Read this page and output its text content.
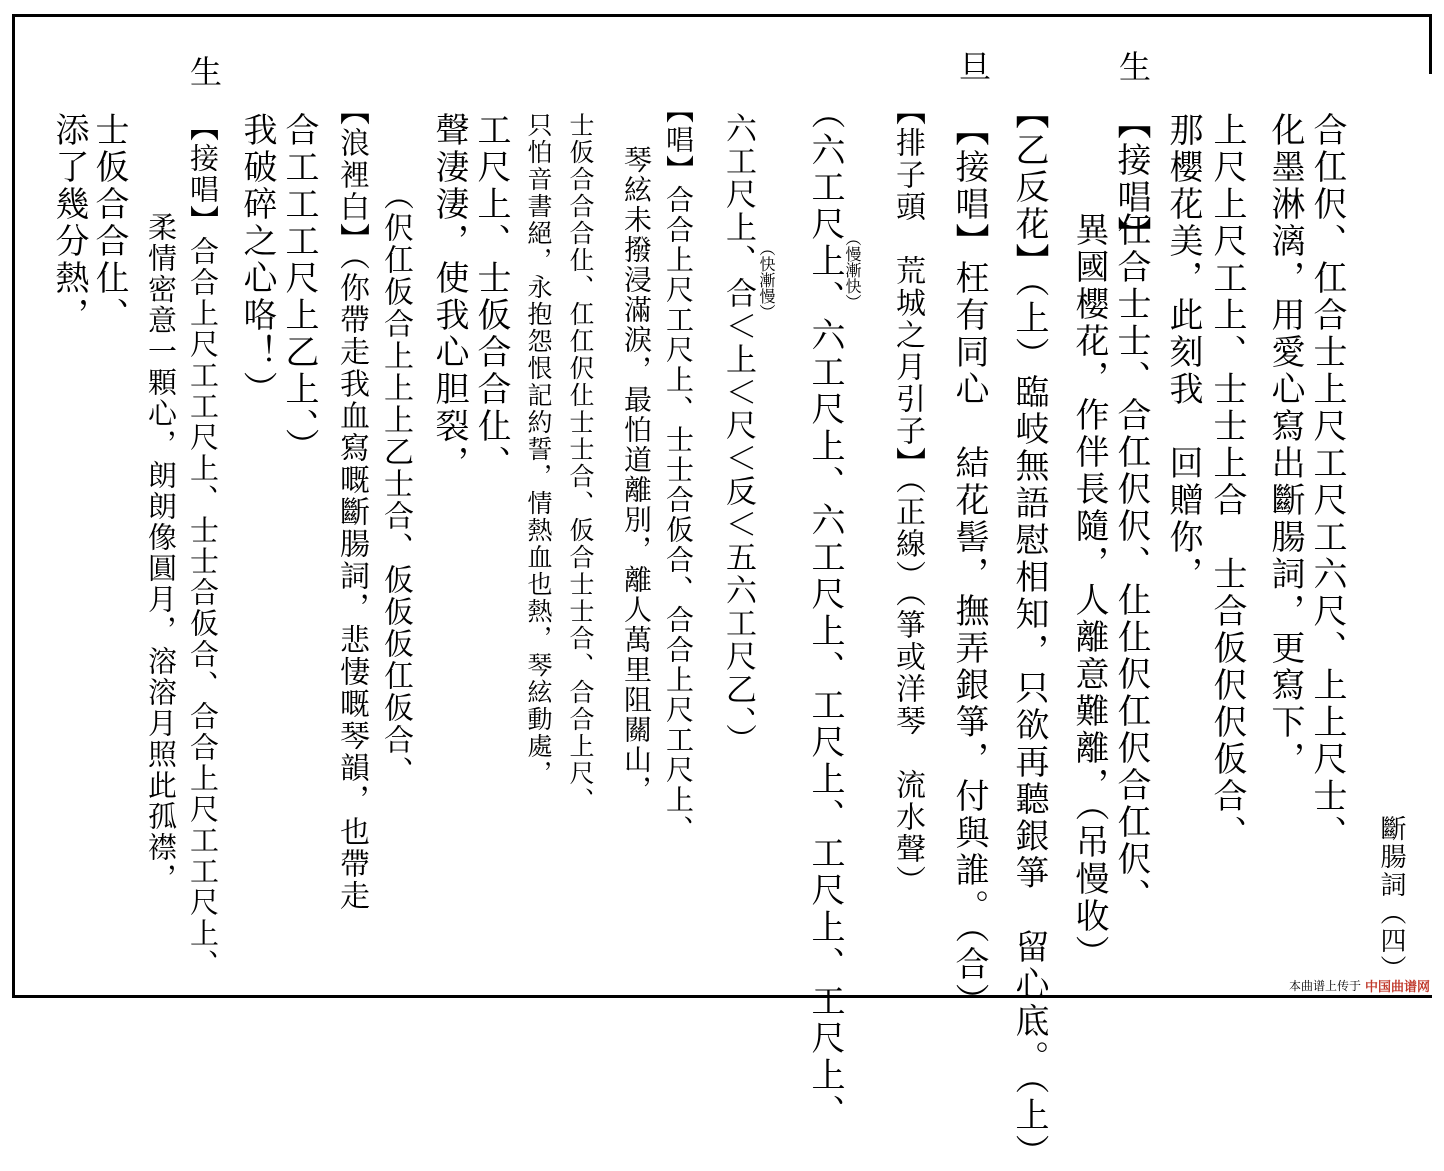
生
旦
生
【接唱】	合仜伬、仜合士上尺工尺工六尺、上上尺士、
化墨淋漓，用愛心寫出斷腸詞，更寫下，
上尺上尺工上、士士上合　士合仮伬伬仮合、
那櫻花美，此刻我　回贈你，
仜合士士、合仜伬伬、仩仩伬仜伬合仜伬、
異國櫻花，作伴長隨，人離意難離，（吊慢收）
【乙反花】（上）臨岐無語慰相知，只欲再聽銀箏　留心底。（上）
【接唱】枉有同心　結花髻，撫弄銀箏，付與誰。（合）
【排子頭　荒城之月引子】（正線）（箏或洋琴　流水聲）
（六工尺上、六工尺上、六工尺上、工尺上、工尺上、工尺上、
六工尺上、合＜上＜尺＜反＜五六工尺乙、）
【唱】合合上尺工尺上、士士合仮合、合合上尺工尺上、
琴絃未撥浸滿淚，最怕道離別，離人萬里阻關山，
士仮合合合仩、仜仜伬仩士士合、仮合士士合、合合上尺、
只怕音書絕，永抱怨恨記約誓，情熱血也熱，琴絃動處，
工尺上、士仮合合仩、
聲淒淒，使我心胆裂，
（伬仜仮合上上上乙士合、仮仮仮仜仮合、
【浪裡白】（你帶走我血寫嘅斷腸詞，悲悽嘅琴韻，也帶走
合工工工尺上乙上、）
我破碎之心咯！）
【接唱】合合上尺工工尺上、士士合仮合、合合上尺工工尺上、
柔情密意一顆心，朗朗像圓月，溶溶月照此孤襟，
士仮合合仩、
添了幾分熱，	（慢漸快）
（快漸慢）
斷腸詞（四）
本曲谱上传于 中国曲谱网
